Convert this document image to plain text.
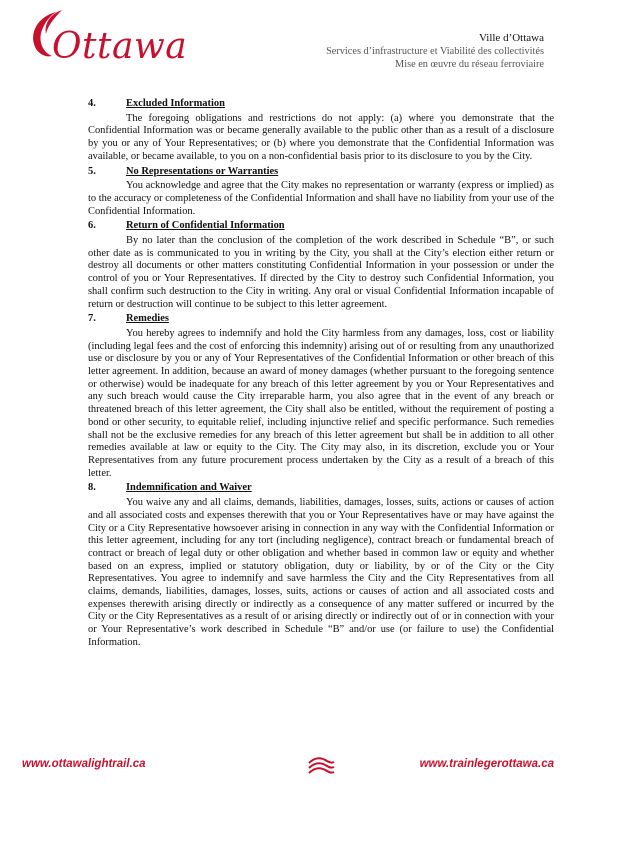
Ottawa	Ville d’Ottawa
Services d’infrastructure et Viabilité des collectivités
Mise en œuvre du réseau ferroviaire
4.	Excluded Information

The foregoing obligations and restrictions do not apply: (a) where you demonstrate that the Confidential Information was or became generally available to the public other than as a result of a disclosure by you or any of Your Representatives; or (b) where you demonstrate that the Confidential Information was available, or became available, to you on a non-confidential basis prior to its disclosure to you by the City.

5.	No Representations or Warranties

You acknowledge and agree that the City makes no representation or warranty (express or implied) as to the accuracy or completeness of the Confidential Information and shall have no liability from your use of the Confidential Information.

6.	Return of Confidential Information

By no later than the conclusion of the completion of the work described in Schedule “B”, or such other date as is communicated to you in writing by the City, you shall at the City’s election either return or destroy all documents or other matters constituting Confidential Information in your possession or under the control of you or Your Representatives. If directed by the City to destroy such Confidential Information, you shall confirm such destruction to the City in writing. Any oral or visual Confidential Information incapable of return or destruction will continue to be subject to this letter agreement.

7.	Remedies

You hereby agrees to indemnify and hold the City harmless from any damages, loss, cost or liability (including legal fees and the cost of enforcing this indemnity) arising out of or resulting from any unauthorized use or disclosure by you or any of Your Representatives of the Confidential Information or other breach of this letter agreement. In addition, because an award of money damages (whether pursuant to the foregoing sentence or otherwise) would be inadequate for any breach of this letter agreement by you or Your Representatives and any such breach would cause the City irreparable harm, you also agree that in the event of any breach or threatened breach of this letter agreement, the City shall also be entitled, without the requirement of posting a bond or other security, to equitable relief, including injunctive relief and specific performance. Such remedies shall not be the exclusive remedies for any breach of this letter agreement but shall be in addition to all other remedies available at law or equity to the City. The City may also, in its discretion, exclude you or Your Representatives from any future procurement process undertaken by the City as a result of a breach of this letter.

8.	Indemnification and Waiver

You waive any and all claims, demands, liabilities, damages, losses, suits, actions or causes of action and all associated costs and expenses therewith that you or Your Representatives have or may have against the City or a City Representative howsoever arising in connection in any way with the Confidential Information or this letter agreement, including for any tort (including negligence), contract breach or fundamental breach of contract or breach of legal duty or other obligation and whether based in common law or equity and whether based on an express, implied or statutory obligation, duty or liability, by or of the City or the City Representatives. You agree to indemnify and save harmless the City and the City Representatives from all claims, demands, liabilities, damages, losses, suits, actions or causes of action and all associated costs and expenses therewith arising directly or indirectly as a consequence of any matter suffered or incurred by the City or the City Representatives as a result of or arising directly or indirectly out of or in connection with your or Your Representative’s work described in Schedule “B” and/or use (or failure to use) the Confidential Information.

www.ottawalightrail.ca	www.trainlegerottawa.ca
